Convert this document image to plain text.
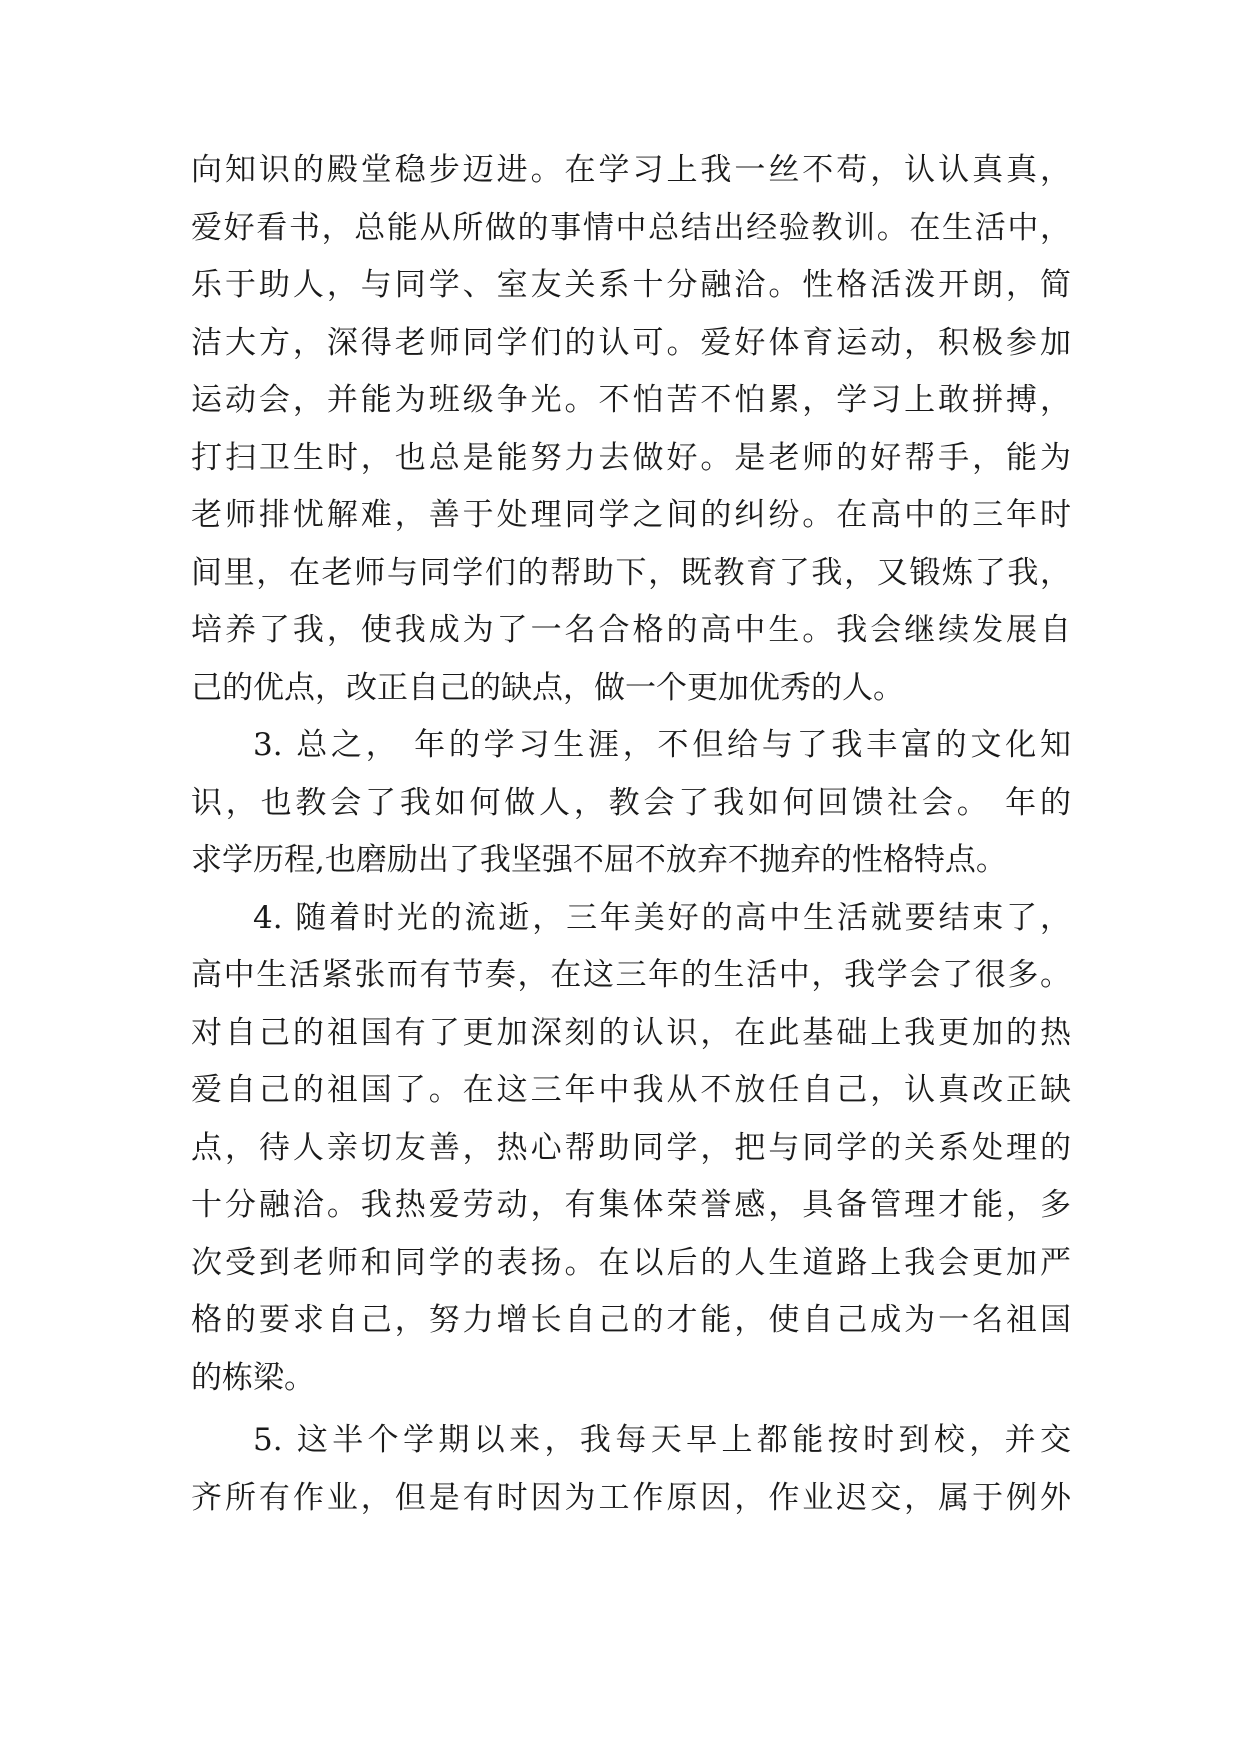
向知识的殿堂稳步迈进。在学习上我一丝不苟，认认真真，
爱好看书，总能从所做的事情中总结出经验教训。在生活中，
乐于助人，与同学、室友关系十分融洽。性格活泼开朗，简
洁大方，深得老师同学们的认可。爱好体育运动，积极参加
运动会，并能为班级争光。不怕苦不怕累，学习上敢拼搏，
打扫卫生时，也总是能努力去做好。是老师的好帮手，能为
老师排忧解难，善于处理同学之间的纠纷。在高中的三年时
间里，在老师与同学们的帮助下，既教育了我，又锻炼了我，
培养了我，使我成为了一名合格的高中生。我会继续发展自
己的优点，改正自己的缺点，做一个更加优秀的人。
3. 总之， 年的学习生涯，不但给与了我丰富的文化知
识，也教会了我如何做人，教会了我如何回馈社会。 年的
求学历程,也磨励出了我坚强不屈不放弃不抛弃的性格特点。
4. 随着时光的流逝，三年美好的高中生活就要结束了，
高中生活紧张而有节奏，在这三年的生活中，我学会了很多。
对自己的祖国有了更加深刻的认识，在此基础上我更加的热
爱自己的祖国了。在这三年中我从不放任自己，认真改正缺
点，待人亲切友善，热心帮助同学，把与同学的关系处理的
十分融洽。我热爱劳动，有集体荣誉感，具备管理才能，多
次受到老师和同学的表扬。在以后的人生道路上我会更加严
格的要求自己，努力增长自己的才能，使自己成为一名祖国
的栋梁。
5. 这半个学期以来，我每天早上都能按时到校，并交
齐所有作业，但是有时因为工作原因，作业迟交，属于例外
